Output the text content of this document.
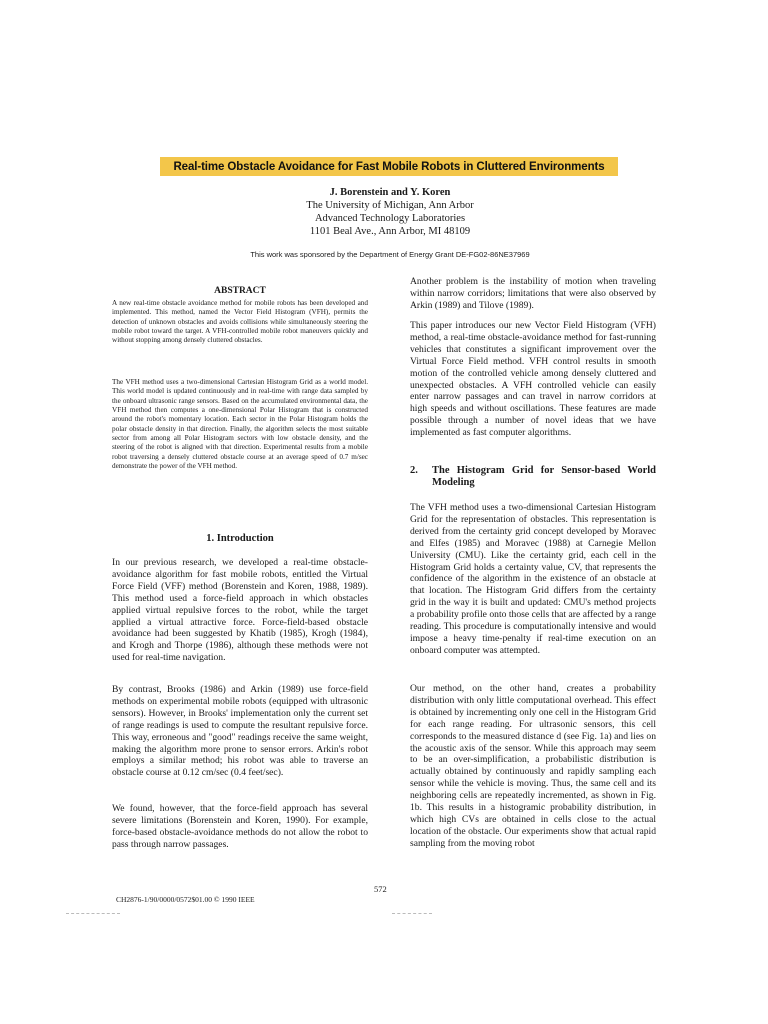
Real-time Obstacle Avoidance for Fast Mobile Robots in Cluttered Environments
J. Borenstein and Y. Koren
The University of Michigan, Ann Arbor
Advanced Technology Laboratories
1101 Beal Ave., Ann Arbor, MI 48109
This work was sponsored by the Department of Energy Grant DE-FG02-86NE37969
ABSTRACT

A new real-time obstacle avoidance method for mobile robots has been developed and implemented. This method, named the Vector Field Histogram (VFH), permits the detection of unknown obstacles and avoids collisions while simultaneously steering the mobile robot toward the target. A VFH-controlled mobile robot maneuvers quickly and without stopping among densely cluttered obstacles.

The VFH method uses a two-dimensional Cartesian Histogram Grid as a world model. This world model is updated continuously and in real-time with range data sampled by the onboard ultrasonic range sensors. Based on the accumulated environmental data, the VFH method then computes a one-dimensional Polar Histogram that is constructed around the robot's momentary location. Each sector in the Polar Histogram holds the polar obstacle density in that direction. Finally, the algorithm selects the most suitable sector from among all Polar Histogram sectors with low obstacle density, and the steering of the robot is aligned with that direction. Experimental results from a mobile robot traversing a densely cluttered obstacle course at an average speed of 0.7 m/sec demonstrate the power of the VFH method.

1. Introduction

In our previous research, we developed a real-time obstacle-avoidance algorithm for fast mobile robots, entitled the Virtual Force Field (VFF) method (Borenstein and Koren, 1988, 1989). This method used a force-field approach in which obstacles applied virtual repulsive forces to the robot, while the target applied a virtual attractive force. Force-field-based obstacle avoidance had been suggested by Khatib (1985), Krogh (1984), and Krogh and Thorpe (1986), although these methods were not used for real-time navigation.

By contrast, Brooks (1986) and Arkin (1989) use force-field methods on experimental mobile robots (equipped with ultrasonic sensors). However, in Brooks' implementation only the current set of range readings is used to compute the resultant repulsive force. This way, erroneous and "good" readings receive the same weight, making the algorithm more prone to sensor errors. Arkin's robot employs a similar method; his robot was able to traverse an obstacle course at 0.12 cm/sec (0.4 feet/sec).

We found, however, that the force-field approach has several severe limitations (Borenstein and Koren, 1990). For example, force-based obstacle-avoidance methods do not allow the robot to pass through narrow passages.

Another problem is the instability of motion when traveling within narrow corridors; limitations that were also observed by Arkin (1989) and Tilove (1989).

This paper introduces our new Vector Field Histogram (VFH) method, a real-time obstacle-avoidance method for fast-running vehicles that constitutes a significant improvement over the Virtual Force Field method. VFH control results in smooth motion of the controlled vehicle among densely cluttered and unexpected obstacles. A VFH controlled vehicle can easily enter narrow passages and can travel in narrow corridors at high speeds and without oscillations. These features are made possible through a number of novel ideas that we have implemented as fast computer algorithms.

2.	The Histogram Grid for Sensor-based World Modeling

The VFH method uses a two-dimensional Cartesian Histogram Grid for the representation of obstacles. This representation is derived from the certainty grid concept developed by Moravec and Elfes (1985) and Moravec (1988) at Carnegie Mellon University (CMU). Like the certainty grid, each cell in the Histogram Grid holds a certainty value, CV, that represents the confidence of the algorithm in the existence of an obstacle at that location. The Histogram Grid differs from the certainty grid in the way it is built and updated: CMU's method projects a probability profile onto those cells that are affected by a range reading. This procedure is computationally intensive and would impose a heavy time-penalty if real-time execution on an onboard computer was attempted.

Our method, on the other hand, creates a probability distribution with only little computational overhead. This effect is obtained by incrementing only one cell in the Histogram Grid for each range reading. For ultrasonic sensors, this cell corresponds to the measured distance d (see Fig. 1a) and lies on the acoustic axis of the sensor. While this approach may seem to be an over-simplification, a probabilistic distribution is actually obtained by continuously and rapidly sampling each sensor while the vehicle is moving. Thus, the same cell and its neighboring cells are repeatedly incremented, as shown in Fig. 1b. This results in a histogramic probability distribution, in which high CVs are obtained in cells close to the actual location of the obstacle. Our experiments show that actual rapid sampling from the moving robot

572
CH2876-1/90/0000/0572$01.00 © 1990 IEEE
